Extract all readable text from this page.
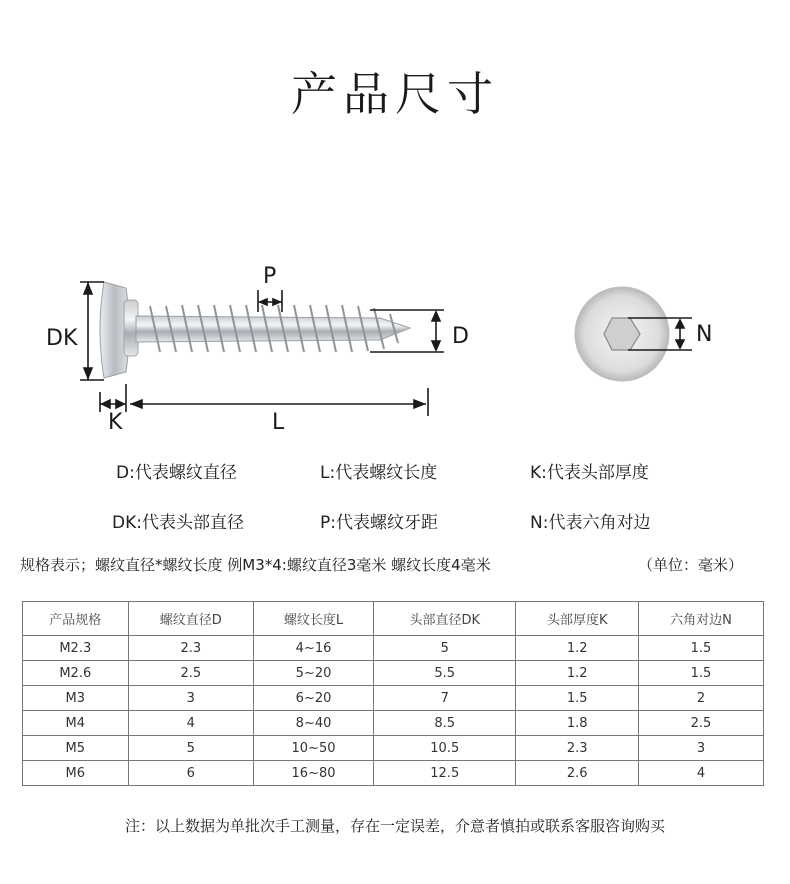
产品尺寸
DK
K	L
P
D	N
D:代表螺纹直径	L:代表螺纹长度	K:代表头部厚度
DK:代表头部直径	P:代表螺纹牙距	N:代表六角对边
规格表示；螺纹直径*螺纹长度 例M3*4:螺纹直径3毫米 螺纹长度4毫米	（单位：毫米）
产品规格	螺纹直径D	螺纹长度L	头部直径DK	头部厚度K	六角对边N
M2.3	2.3	4~16	5	1.2	1.5
M2.6	2.5	5~20	5.5	1.2	1.5
M3	3	6~20	7	1.5	2
M4	4	8~40	8.5	1.8	2.5
M5	5	10~50	10.5	2.3	3
M6	6	16~80	12.5	2.6	4
注：以上数据为单批次手工测量，存在一定误差，介意者慎拍或联系客服咨询购买
